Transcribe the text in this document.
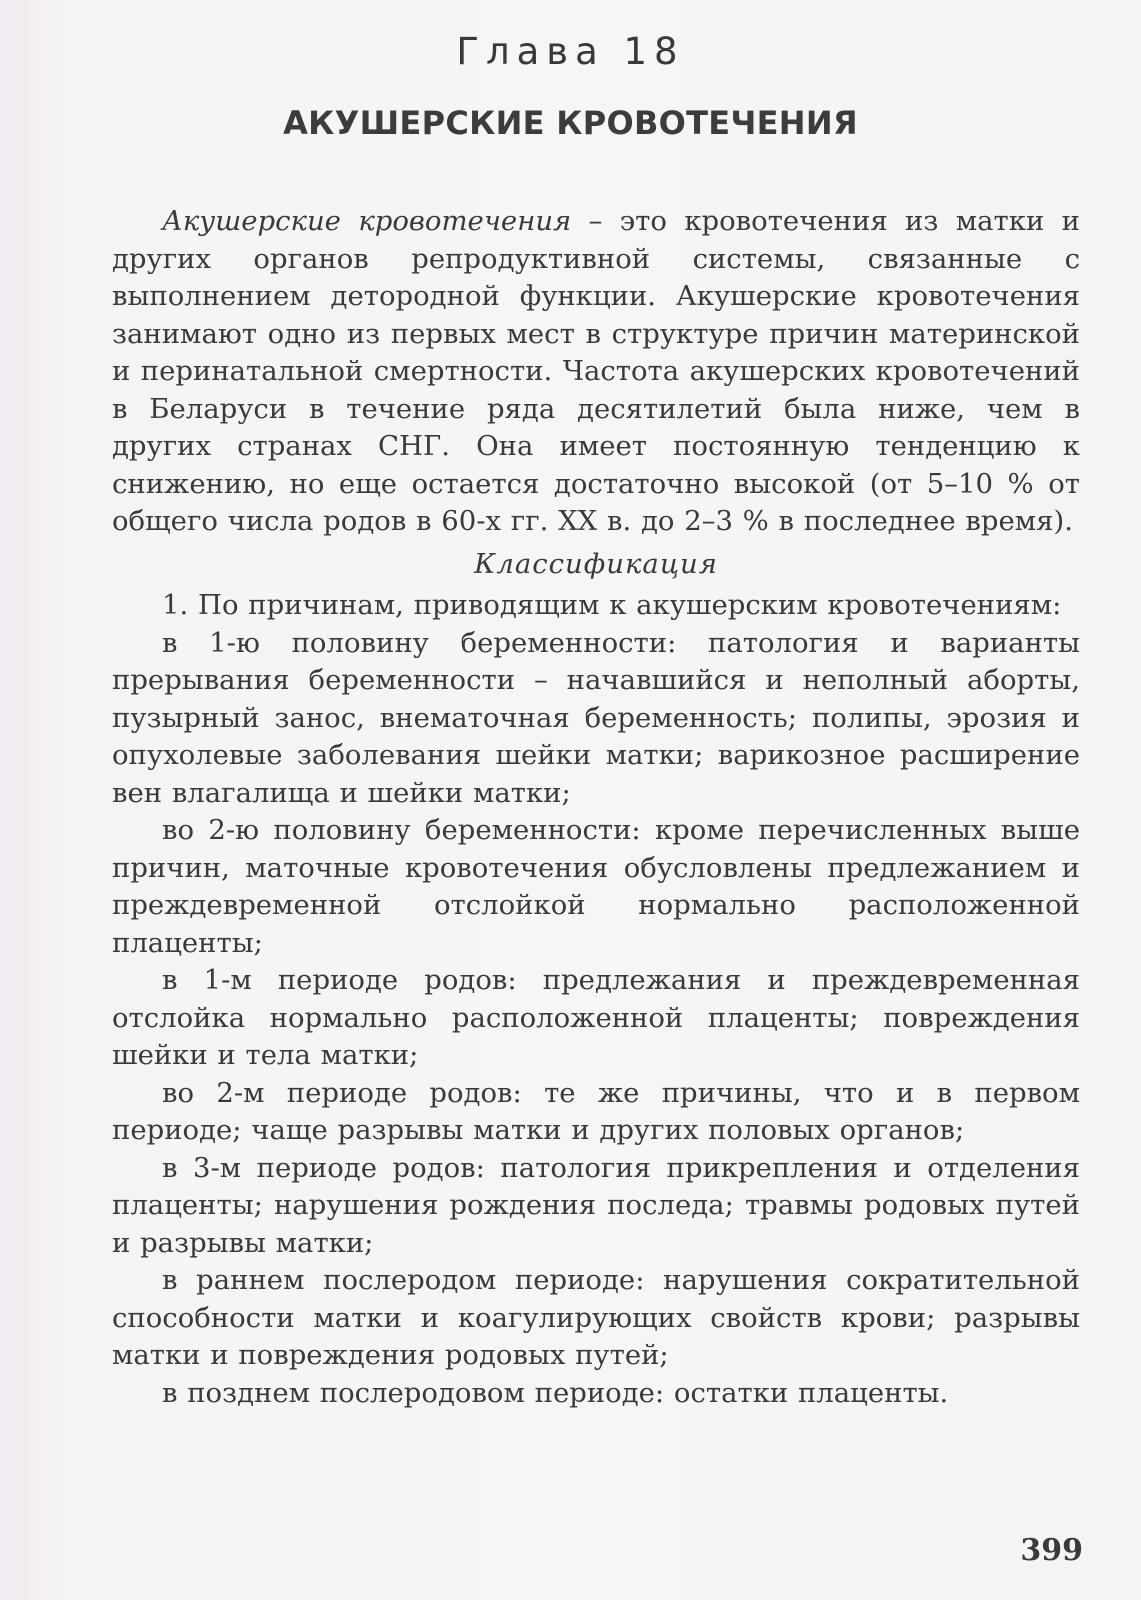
Глава 18
АКУШЕРСКИЕ КРОВОТЕЧЕНИЯ

Акушерские кровотечения – это кровотечения из матки и других органов репродуктивной системы, связанные с выполнением детородной функции. Акушерские кровотечения занимают одно из первых мест в структуре причин материнской и перинатальной смертности. Частота акушерских кровотечений в Беларуси в течение ряда десятилетий была ниже, чем в других странах СНГ. Она имеет постоянную тенденцию к снижению, но еще остается достаточно высокой (от 5–10 % от общего числа родов в 60-х гг. XX в. до 2–3 % в последнее время).

Классификация

1. По причинам, приводящим к акушерским кровотечениям:

в 1-ю половину беременности: патология и варианты прерывания беременности – начавшийся и неполный аборты, пузырный занос, внематочная беременность; полипы, эрозия и опухолевые заболевания шейки матки; варикозное расширение вен влагалища и шейки матки;

во 2-ю половину беременности: кроме перечисленных выше причин, маточные кровотечения обусловлены предлежанием и преждевременной отслойкой нормально расположенной плаценты;

в 1-м периоде родов: предлежания и преждевременная отслойка нормально расположенной плаценты; повреждения шейки и тела матки;

во 2-м периоде родов: те же причины, что и в первом периоде; чаще разрывы матки и других половых органов;

в 3-м периоде родов: патология прикрепления и отделения плаценты; нарушения рождения последа; травмы родовых путей и разрывы матки;

в раннем послеродом периоде: нарушения сократительной способности матки и коагулирующих свойств крови; разрывы матки и повреждения родовых путей;

в позднем послеродовом периоде: остатки плаценты.

399
